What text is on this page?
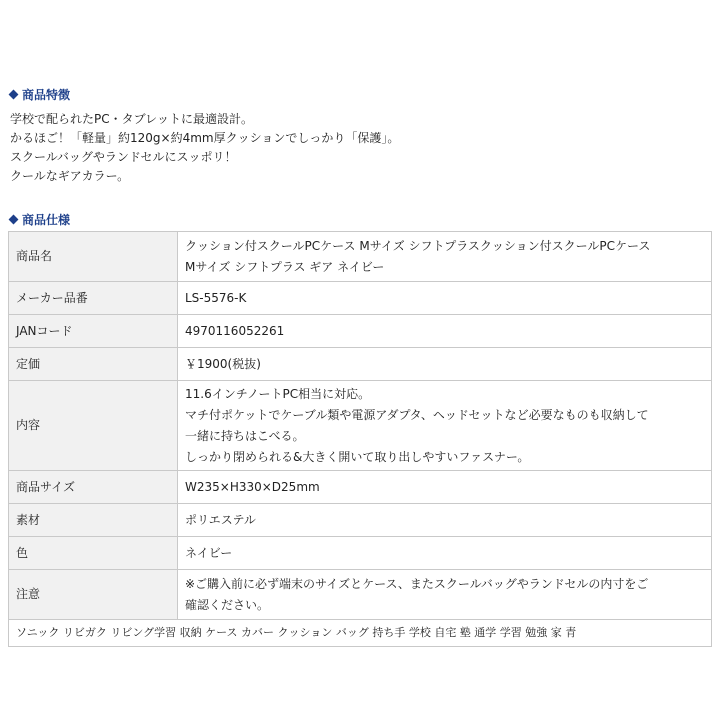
商品特徴
学校で配られたPC・タブレットに最適設計。
かるほご！「軽量」約120g×約4mm厚クッションでしっかり「保護」。
スクールバッグやランドセルにスッポリ！
クールなギアカラー。
商品仕様
商品名	クッション付スクールPCケース Mサイズ シフトプラスクッション付スクールPCケース
Mサイズ シフトプラス ギア ネイビー

メーカー品番	LS-5576-K

JANコード	4970116052261

定価	￥1900(税抜)

内容	11.6インチノートPC相当に対応。
マチ付ポケットでケーブル類や電源アダプタ、ヘッドセットなど必要なものも収納して
一緒に持ちはこべる。
しっかり閉められる&大きく開いて取り出しやすいファスナー。

商品サイズ	W235×H330×D25mm

素材	ポリエステル

色	ネイビー

注意	※ご購入前に必ず端末のサイズとケース、またスクールバッグやランドセルの内寸をご
確認ください。
ソニック リビガク リビング学習 収納 ケース カバー クッション バッグ 持ち手 学校 自宅 塾 通学 学習 勉強 家 青
